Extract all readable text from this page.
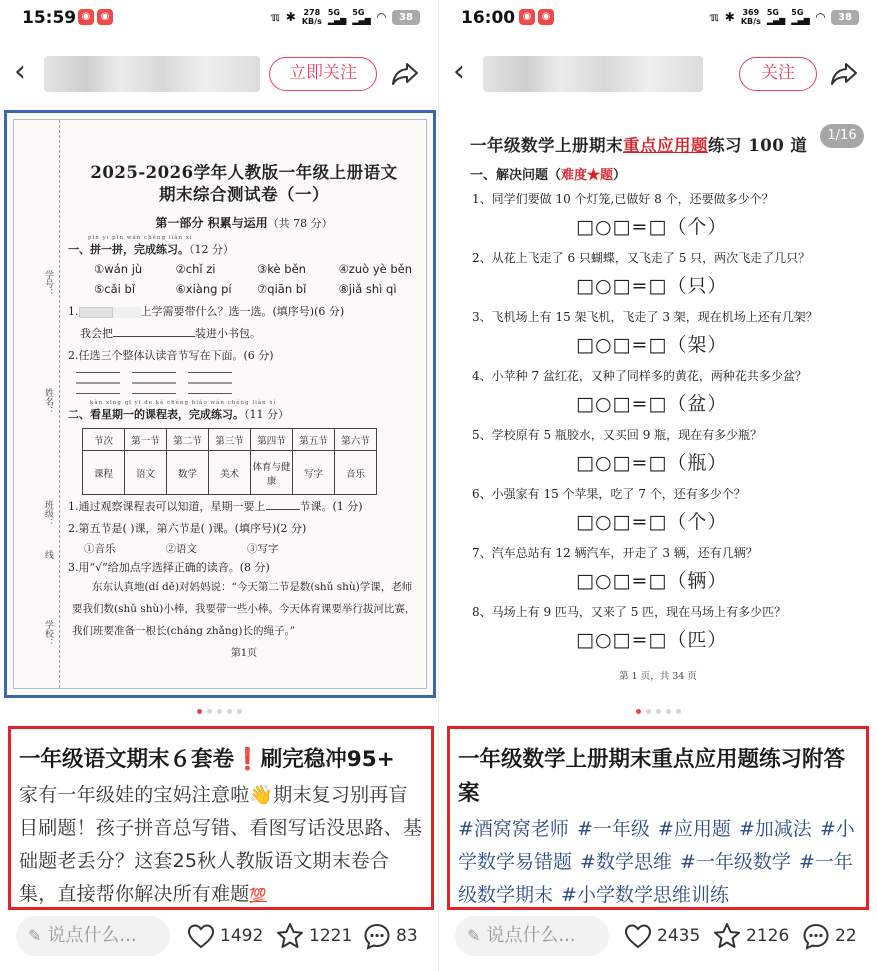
15:59 ◉	◉	ℼ ✱ 278
KB/s
5G
▂▄▆
5G
▂▄▆ ◠	38
‹	立即关注
学号：
姓名：
班级：
线
学校：
2025-2026学年人教版一年级上册语文
期末综合测试卷（一）
第一部分 积累与运用（共 78 分）
pīn yi pīn wán chéng liàn xí
一、拼一拼，完成练习。（12 分）
①wán jù	②chǐ zi	③kè běn	④zuò yè běn
⑤cǎi bǐ	⑥xiàng pí	⑦qiān bǐ	⑧jiǎ shì qì
1.	上学需要带什么？选一选。(填序号)(6 分)
我会把	装进小书包。
2.任选三个整体认读音节写在下面。(6 分)
kàn xīng qī yī de kè chéng biǎo wán chéng liàn xí
二、看星期一的课程表，完成练习。（11 分）
节次	第一节	第二节	第三节	第四节	第五节	第六节
课程	语文	数学	美术	体育与健康	写字	音乐
1.通过观察课程表可以知道，星期一要上	节课。(1 分)
2.第五节是( )课，第六节是( )课。(填序号)(2 分)
①音乐	②语文	③写字
3.用“√”给加点字选择正确的读音。(8 分)
东东认真地(dí dě)对妈妈说：“今天第二节是数(shǔ shù)学课，老师要我们数(shǔ shù)小棒，我要带一些小棒。今天体育课要举行拔河比赛，我们班要准备一根长(cháng zhǎng)长的绳子。”
第1页
一年级语文期末６套卷❗刷完稳冲95+
家有一年级娃的宝妈注意啦👋期末复习别再盲目刷题！孩子拼音总写错、看图写话没思路、基础题老丢分？这套25秋人教版语文期末卷合集，直接帮你解决所有难题💯
✎ 说点什么...	1492	1221	83
16:00 ◉	◉	ℼ ✱ 369
KB/s
5G
▂▄▆
5G
▂▄▆ ◠	38
‹	关注
一年级数学上册期末重点应用题练习附答案
#酒窝窝老师 #一年级 #应用题 #加减法 #小学数学易错题 #数学思维 #一年级数学 #一年级数学期末 #小学数学思维训练
✎ 说点什么...	2435	2126	22
一年级数学上册期末重点应用题练习 100 道
1/16
一、解决问题（难度★题）
1、同学们要做 10 个灯笼,已做好 8 个，还要做多少个？
□○□=□（个）
2、从花上飞走了 6 只蝴蝶，又飞走了 5 只，两次飞走了几只？
□○□=□（只）
3、飞机场上有 15 架飞机，飞走了 3 架，现在机场上还有几架？
□○□=□（架）
4、小苹种 7 盆红花，又种了同样多的黄花，两种花共多少盆？
□○□=□（盆）
5、学校原有 5 瓶胶水，又买回 9 瓶，现在有多少瓶？
□○□=□（瓶）
6、小强家有 15 个苹果，吃了 7 个，还有多少个？
□○□=□（个）
7、汽车总站有 12 辆汽车，开走了 3 辆，还有几辆？
□○□=□（辆）
8、马场上有 9 匹马，又来了 5 匹，现在马场上有多少匹？
□○□=□（匹）
第 1 页，共 34 页
